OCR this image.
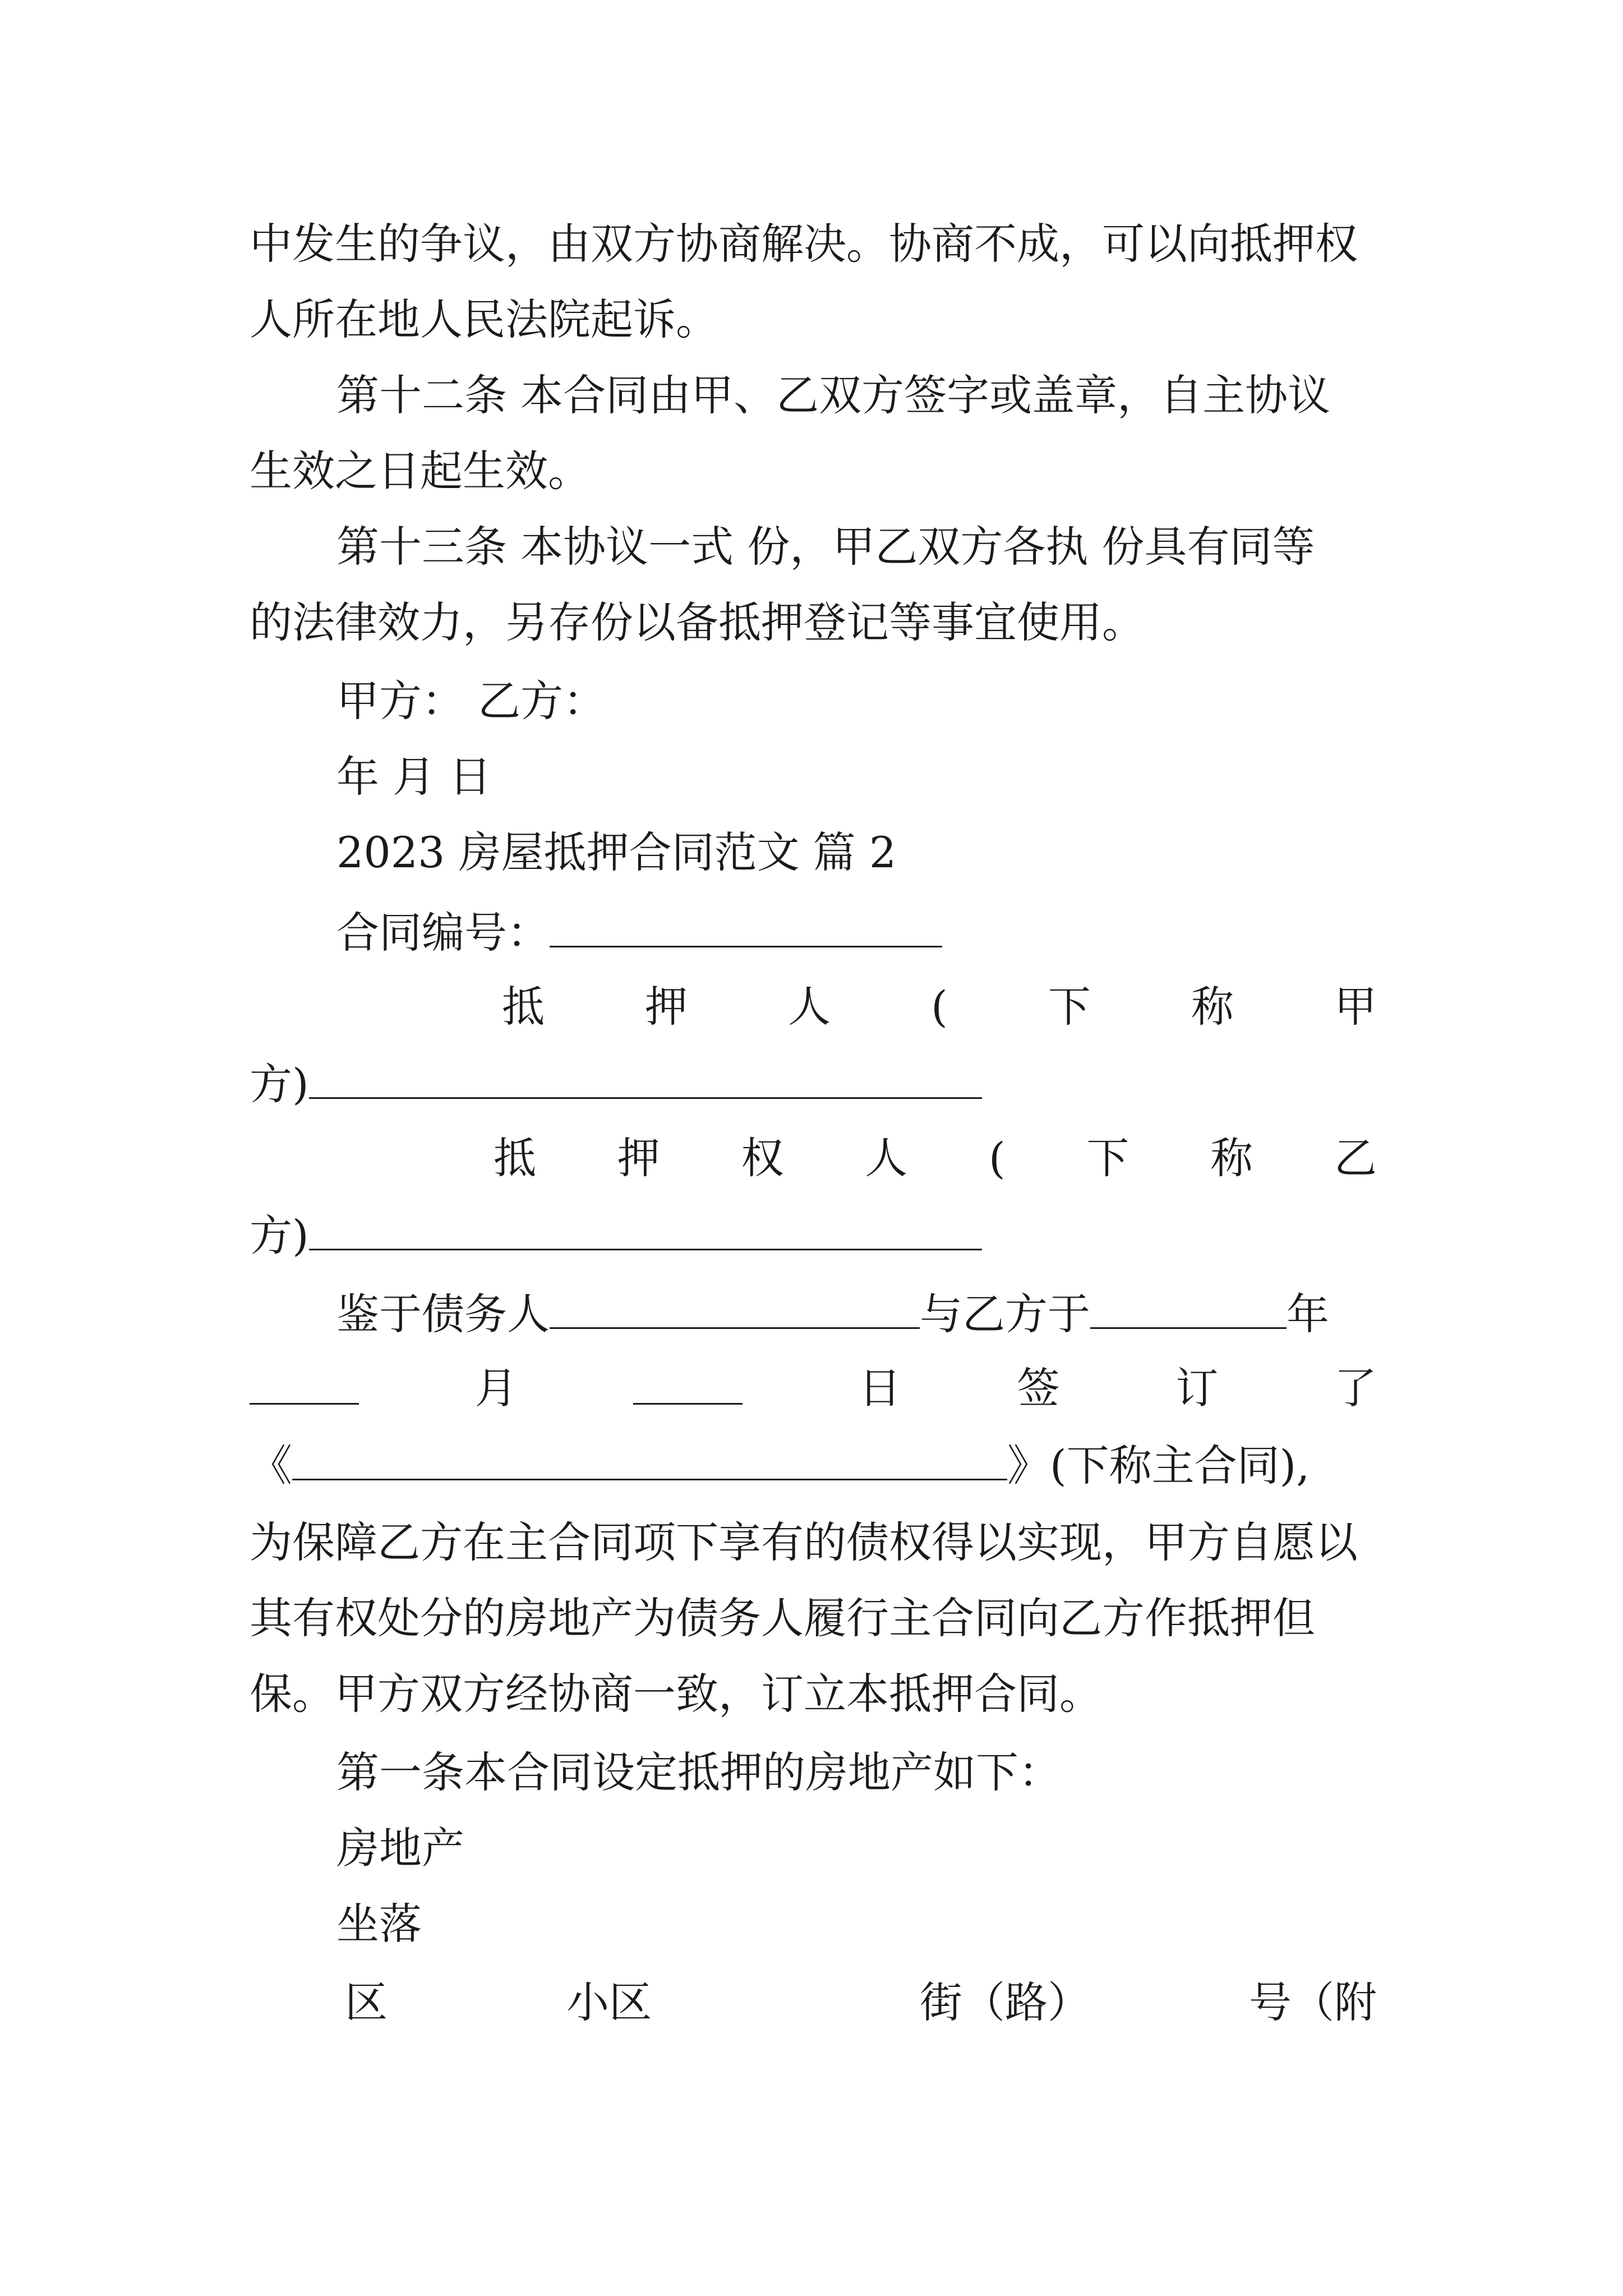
中发生的争议，由双方协商解决。协商不成，可以向抵押权
人所在地人民法院起诉。
第十二条 本合同由甲、乙双方签字或盖章，自主协议
生效之日起生效。
第十三条 本协议一式 份，甲乙双方各执 份具有同等
的法律效力，另存份以备抵押登记等事宜使用。
甲方： 乙方：
年 月 日
2023 房屋抵押合同范文 篇 2
合同编号：
抵 押 人 ( 下 称 甲
方)
抵 押 权 人 ( 下 称 乙
方)
鉴于债务人	与乙方于	年
月	日	签	订	了
《	》(下称主合同),
为保障乙方在主合同项下享有的债权得以实现，甲方自愿以
其有权处分的房地产为债务人履行主合同向乙方作抵押但
保。甲方双方经协商一致，订立本抵押合同。
第一条本合同设定抵押的房地产如下：
房地产
坐落
区	小区	街（路）	号（附
